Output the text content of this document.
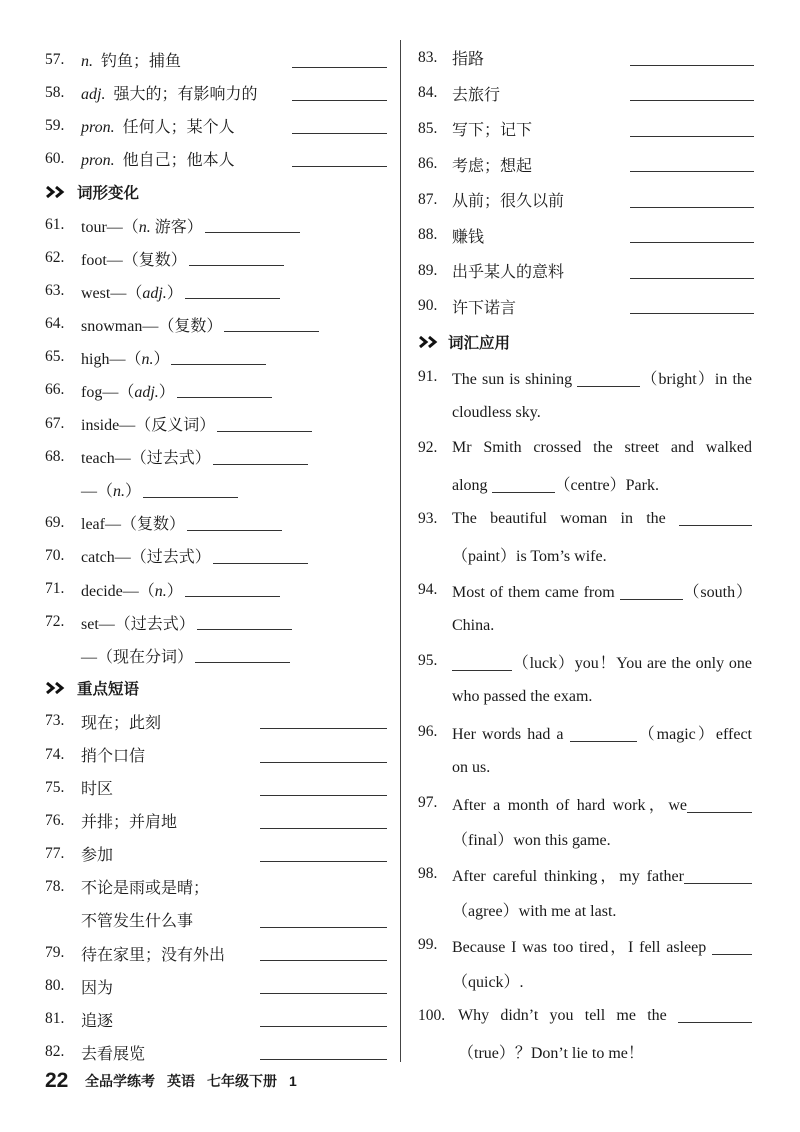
57.	n. 钓鱼；捕鱼
58.	adj. 强大的；有影响力的
59.	pron. 任何人；某个人
60.	pron. 他自己；他本人
词形变化
61.	tour—（n. 游客）
62.	foot—（复数）
63.	west—（adj.）
64.	snowman—（复数）
65.	high—（n.）
66.	fog—（adj.）
67.	inside—（反义词）
68.	teach—（过去式）
—（n.）
69.	leaf—（复数）
70.	catch—（过去式）
71.	decide—（n.）
72.	set—（过去式）
—（现在分词）
重点短语
73.	现在；此刻
74.	捎个口信
75.	时区
76.	并排；并肩地
77.	参加
78.	不论是雨或是晴；
不管发生什么事
79.	待在家里；没有外出
80.	因为
81.	追逐
82.	去看展览
83. 指路
84. 去旅行
85. 写下；记下
86. 考虑；想起
87. 从前；很久以前
88. 赚钱
89. 出乎某人的意料
90. 许下诺言
词汇应用
91. The sun is shining	（bright）in the
cloudless sky.
92. Mr Smith crossed the street and walked
along	（centre）Park.
93. The beautiful woman in the
（paint）is Tom’s wife.
94. Most of them came from	（south）
China.
95.	（luck）you！You are the only one
who passed the exam.
96. Her words had a	（magic）effect
on us.
97. After a month of hard work，we
（final）won this game.
98. After careful thinking，my father
（agree）with me at last.
99. Because I was too tired，I fell asleep
（quick）.
100. Why didn’t you tell me the
（true）？Don’t lie to me！
22	全品学练考 英语 七年级下册 1
